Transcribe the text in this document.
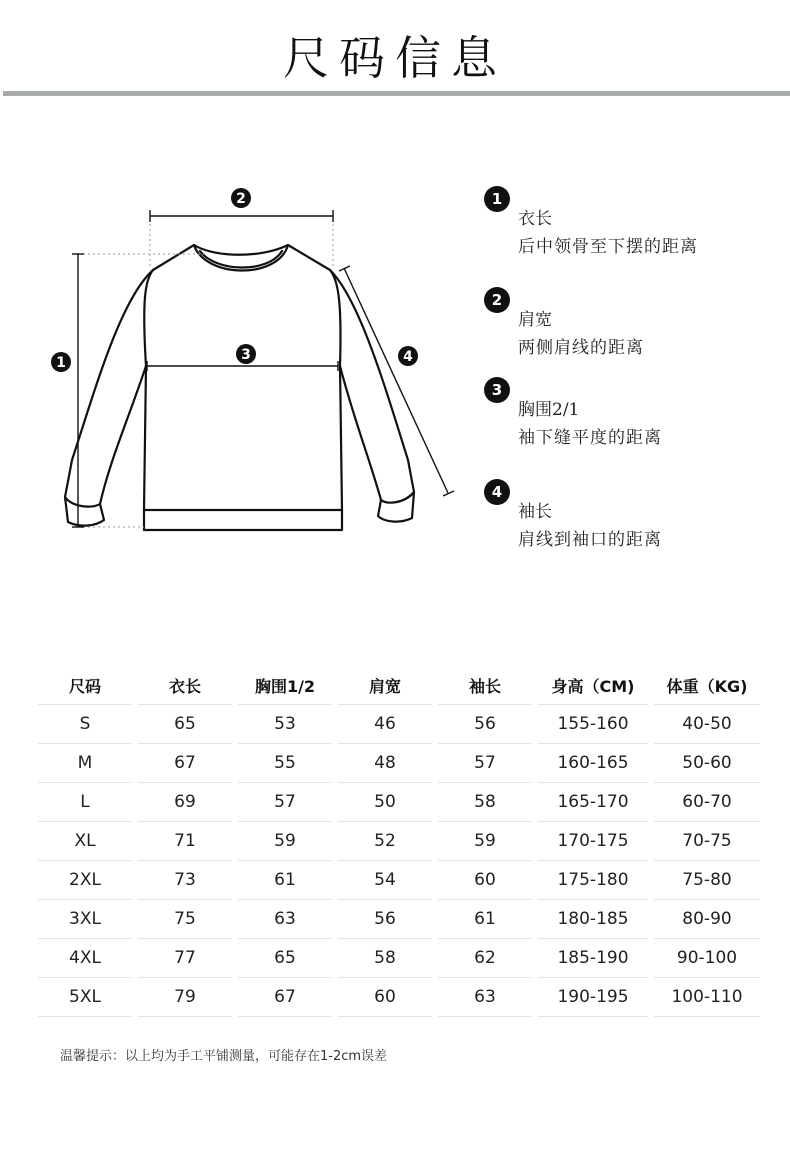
尺码信息
1
2
3	4
1
衣长
后中领骨至下摆的距离
2
肩宽
两侧肩线的距离
3
胸围2/1
袖下缝平度的距离
4
袖长
肩线到袖口的距离
尺码	衣长	胸围1/2	肩宽	袖长	身高（CM)	体重（KG)
S	65	53	46	56	155-160	40-50
M	67	55	48	57	160-165	50-60
L	69	57	50	58	165-170	60-70
XL	71	59	52	59	170-175	70-75
2XL	73	61	54	60	175-180	75-80
3XL	75	63	56	61	180-185	80-90
4XL	77	65	58	62	185-190	90-100
5XL	79	67	60	63	190-195	100-110
温馨提示：以上均为手工平铺测量，可能存在1-2cm误差
